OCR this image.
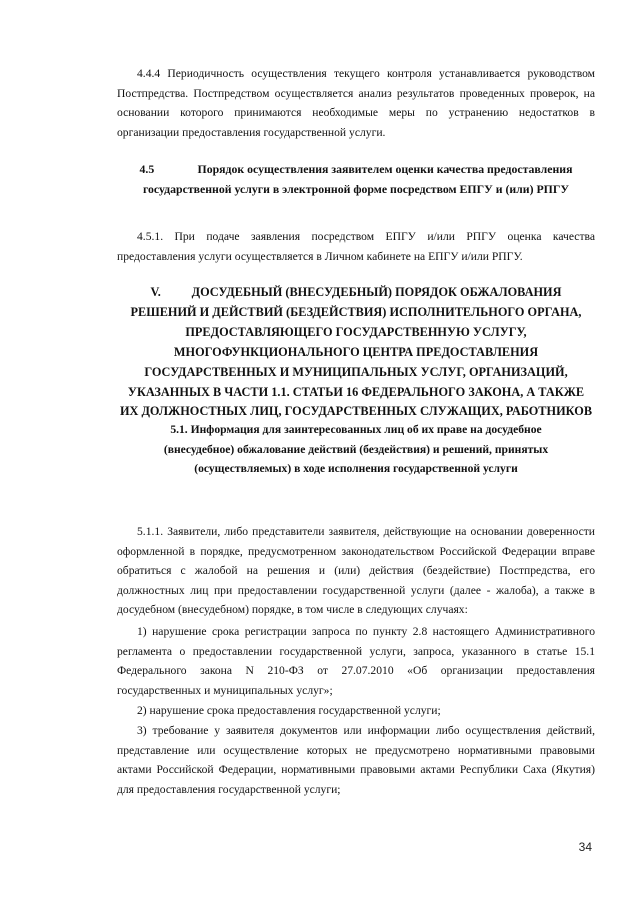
4.4.4 Периодичность осуществления текущего контроля устанавливается руководством Постпредства. Постпредством осуществляется анализ результатов проведенных проверок, на основании которого принимаются необходимые меры по устранению недостатков в организации предоставления государственной услуги.

4.5	Порядок осуществления заявителем оценки качества предоставления
государственной услуги в электронной форме посредством ЕПГУ и (или) РПГУ

4.5.1. При подаче заявления посредством ЕПГУ и/или РПГУ оценка качества предоставления услуги осуществляется в Личном кабинете на ЕПГУ и/или РПГУ.

V.          ДОСУДЕБНЫЙ (ВНЕСУДЕБНЫЙ) ПОРЯДОК ОБЖАЛОВАНИЯ
РЕШЕНИЙ И ДЕЙСТВИЙ (БЕЗДЕЙСТВИЯ) ИСПОЛНИТЕЛЬНОГО ОРГАНА,
ПРЕДОСТАВЛЯЮЩЕГО ГОСУДАРСТВЕННУЮ УСЛУГУ,
МНОГОФУНКЦИОНАЛЬНОГО ЦЕНТРА ПРЕДОСТАВЛЕНИЯ
ГОСУДАРСТВЕННЫХ И МУНИЦИПАЛЬНЫХ УСЛУГ, ОРГАНИЗАЦИЙ,
УКАЗАННЫХ В ЧАСТИ 1.1. СТАТЬИ 16 ФЕДЕРАЛЬНОГО ЗАКОНА, А ТАКЖЕ
ИХ ДОЛЖНОСТНЫХ ЛИЦ, ГОСУДАРСТВЕННЫХ СЛУЖАЩИХ, РАБОТНИКОВ
5.1. Информация для заинтересованных лиц об их праве на досудебное
(внесудебное) обжалование действий (бездействия) и решений, принятых
(осуществляемых) в ходе исполнения государственной услуги

5.1.1. Заявители, либо представители заявителя, действующие на основании доверенности оформленной в порядке, предусмотренном законодательством Российской Федерации вправе обратиться с жалобой на решения и (или) действия (бездействие) Постпредства, его должностных лиц при предоставлении государственной услуги (далее - жалоба), а также в досудебном (внесудебном) порядке, в том числе в следующих случаях:

1) нарушение срока регистрации запроса по пункту 2.8 настоящего Административного регламента о предоставлении государственной услуги, запроса, указанного в статье 15.1 Федерального закона N 210-ФЗ от 27.07.2010 «Об организации предоставления государственных и муниципальных услуг»;

2) нарушение срока предоставления государственной услуги;

3) требование у заявителя документов или информации либо осуществления действий, представление или осуществление которых не предусмотрено нормативными правовыми актами Российской Федерации, нормативными правовыми актами Республики Саха (Якутия) для предоставления государственной услуги;

34
